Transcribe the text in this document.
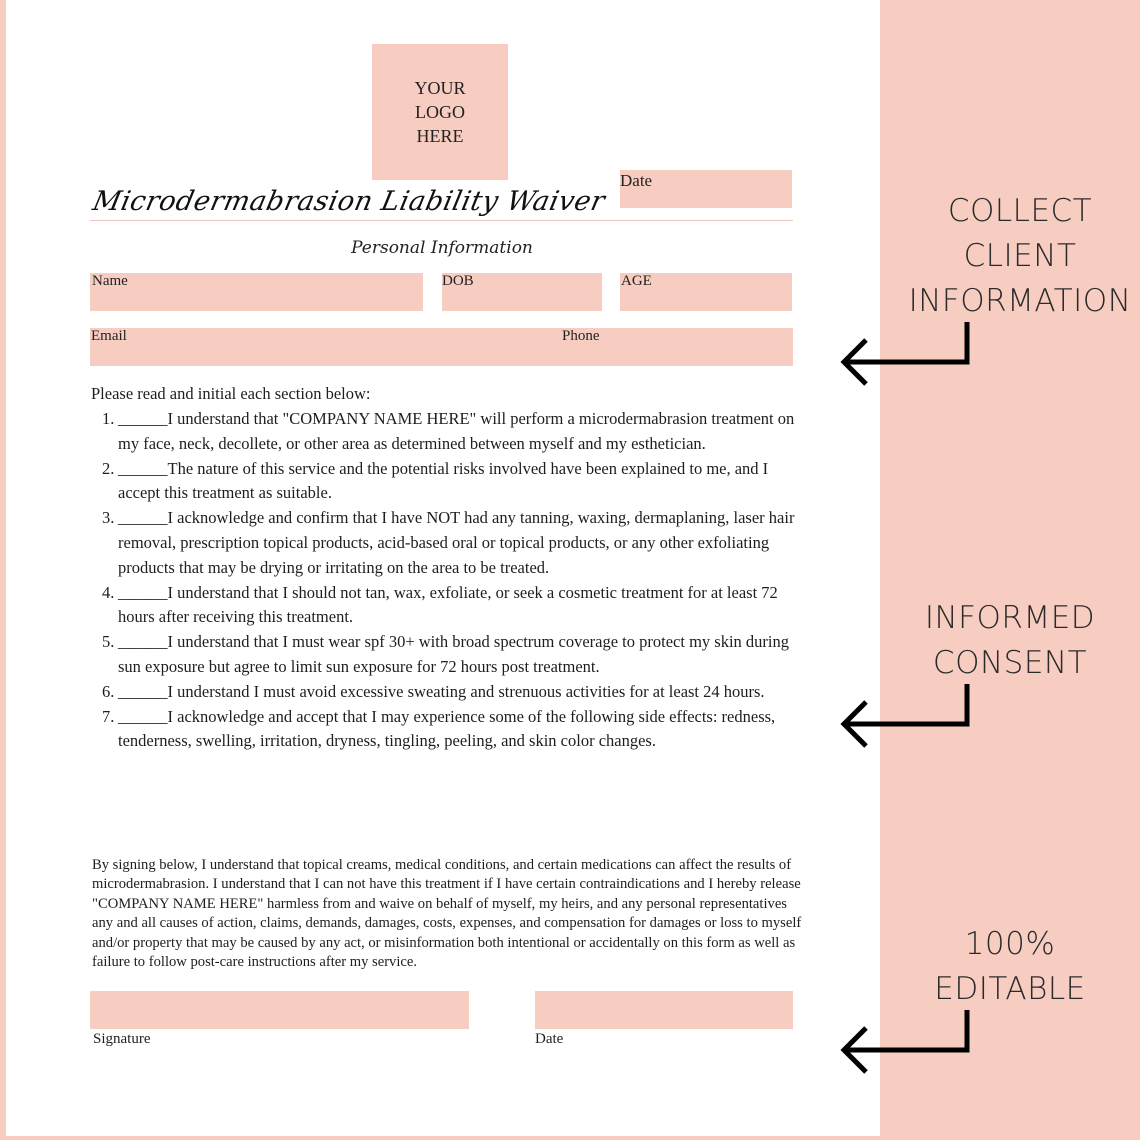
YOUR
LOGO
HERE
Date
Microdermabrasion Liability Waiver
Personal Information
Name	DOB	AGE
Email	Phone
Please read and initial each section below:
1. ______I understand that "COMPANY NAME HERE" will perform a microdermabrasion treatment on my face, neck, decollete, or other area as determined between myself and my esthetician.
2. ______The nature of this service and the potential risks involved have been explained to me, and I accept this treatment as suitable.
3. ______I acknowledge and confirm that I have NOT had any tanning, waxing, dermaplaning, laser hair removal, prescription topical products, acid-based oral or topical products, or any other exfoliating products that may be drying or irritating on the area to be treated.
4. ______I understand that I should not tan, wax, exfoliate, or seek a cosmetic treatment for at least 72 hours after receiving this treatment.
5. ______I understand that I must wear spf 30+ with broad spectrum coverage to protect my skin during sun exposure but agree to limit sun exposure for 72 hours post treatment.
6. ______I understand I must avoid excessive sweating and strenuous activities for at least 24 hours.
7. ______I acknowledge and accept that I may experience some of the following side effects: redness, tenderness, swelling, irritation, dryness, tingling, peeling, and skin color changes.
By signing below, I understand that topical creams, medical conditions, and certain medications can affect the results of microdermabrasion. I understand that I can not have this treatment if I have certain contraindications and I hereby release "COMPANY NAME HERE" harmless from and waive on behalf of myself, my heirs, and any personal representatives any and all causes of action, claims, demands, damages, costs, expenses, and compensation for damages or loss to myself and/or property that may be caused by any act, or misinformation both intentional or accidentally on this form as well as failure to follow post-care instructions after my service.
Signature	Date
COLLECT
CLIENT
INFORMATION
INFORMED
CONSENT
100% EDITABLE
